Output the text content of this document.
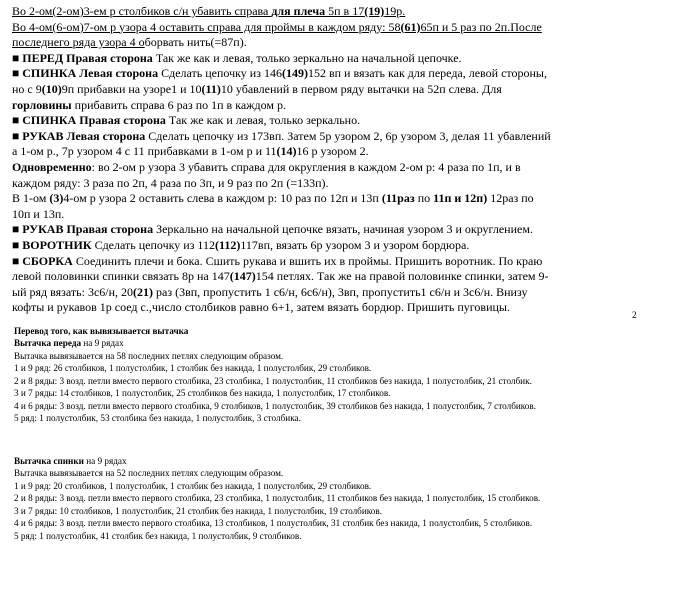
Во 2-ом(2-ом)3-ем р столбиков с/н убавить справа для плеча 5п в 17(19)19р.

Во 4-ом(6-ом)7-ом р узора 4 оставить справа для проймы в каждом ряду: 58(61)65п и 5 раз по 2п.После

последнего ряда узора 4 оборвать нить(=87п).

■ ПЕРЕД Правая сторона Так же как и левая, только зеркально на начальной цепочке.

■ СПИНКА Левая сторона Сделать цепочку из 146(149)152 вп и вязать как для переда, левой стороны,

но с 9(10)9п прибавки на узоре1 и 10(11)10 убавлений в первом ряду вытачки на 52п слева. Для

горловины прибавить справа 6 раз по 1п в каждом р.

■ СПИНКА Правая сторона Так же как и левая, только зеркально.

■ РУКАВ Левая сторона Сделать цепочку из 173вп. Затем 5р узором 2, 6р узором 3, делая 11 убавлений

а 1-ом р., 7р узором 4 с 11 прибавками в 1-ом р и 11(14)16 р узором 2.

Одновременно: во 2-ом р узора 3 убавить справа для округления в каждом 2-ом р: 4 раза по 1п, и в

каждом ряду: 3 раза по 2п, 4 раза по 3п, и 9 раз по 2п (=133п).

В 1-ом (3)4-ом р узора 2 оставить слева в каждом р: 10 раз по 12п и 13п (11раз по 11п и 12п) 12раз по

10п и 13п.

■ РУКАВ Правая сторона Зеркально на начальной цепочке вязать, начиная узором 3 и округлением.

■ ВОРОТНИК Сделать цепочку из 112(112)117вп, вязать 6р узором 3 и узором бордюра.

■ СБОРКА Соединить плечи и бока. Сшить рукава и вшить их в проймы. Пришить воротник. По краю

левой половинки спинки связать 8р на 147(147)154 петлях. Так же на правой половинке спинки, затем 9-

ый ряд вязать: 3с6/н, 20(21) раз (3вп, пропустить 1 с6/н, 6с6/н), 3вп, пропустить1 с6/н и 3с6/н. Внизу

кофты и рукавов 1р соед с.,число столбиков равно 6+1, затем вязать бордюр. Пришить пуговицы.

2

Перевод того, как вывязывается вытачка

Вытачка переда на 9 рядах

Вытачка вывязывается на 58 последних петлях следующим образом.

1 и 9 ряд: 26 столбиков, 1 полустолбик, 1 столбик без накида, 1 полустолбик, 29 столбиков.

2 и 8 ряды: 3 возд. петли вместо первого столбика, 23 столбика, 1 полустолбик, 11 столбиков без накида, 1 полустолбик, 21 столбик.

3 и 7 ряды: 14 столбиков, 1 полустолбик, 25 столбиков без накида, 1 полустолбик, 17 столбиков.

4 и 6 ряды: 3 возд. петли вместо первого столбика, 9 столбиков, 1 полустолбик, 39 столбиков без накида, 1 полустолбик, 7 столбиков.

5 ряд: 1 полустолбик, 53 столбика без накида, 1 полустолбик, 3 столбика.

Вытачка спинки на 9 рядах

Вытачка вывязывается на 52 последних петлях следующим образом.

1 и 9 ряд: 20 столбиков, 1 полустолбик, 1 столбик без накида, 1 полустолбик, 29 столбиков.

2 и 8 ряды: 3 возд. петли вместо первого столбика, 23 столбика, 1 полустолбик, 11 столбиков без накида, 1 полустолбик, 15 столбиков.

3 и 7 ряды: 10 столбиков, 1 полустолбик, 21 столбик без накида, 1 полустолбик, 19 столбиков.

4 и 6 ряды: 3 возд. петли вместо первого столбика, 13 столбиков, 1 полустолбик, 31 столбик без накида, 1 полустолбик, 5 столбиков.

5 ряд: 1 полустолбик, 41 столбик без накида, 1 полустолбик, 9 столбиков.
